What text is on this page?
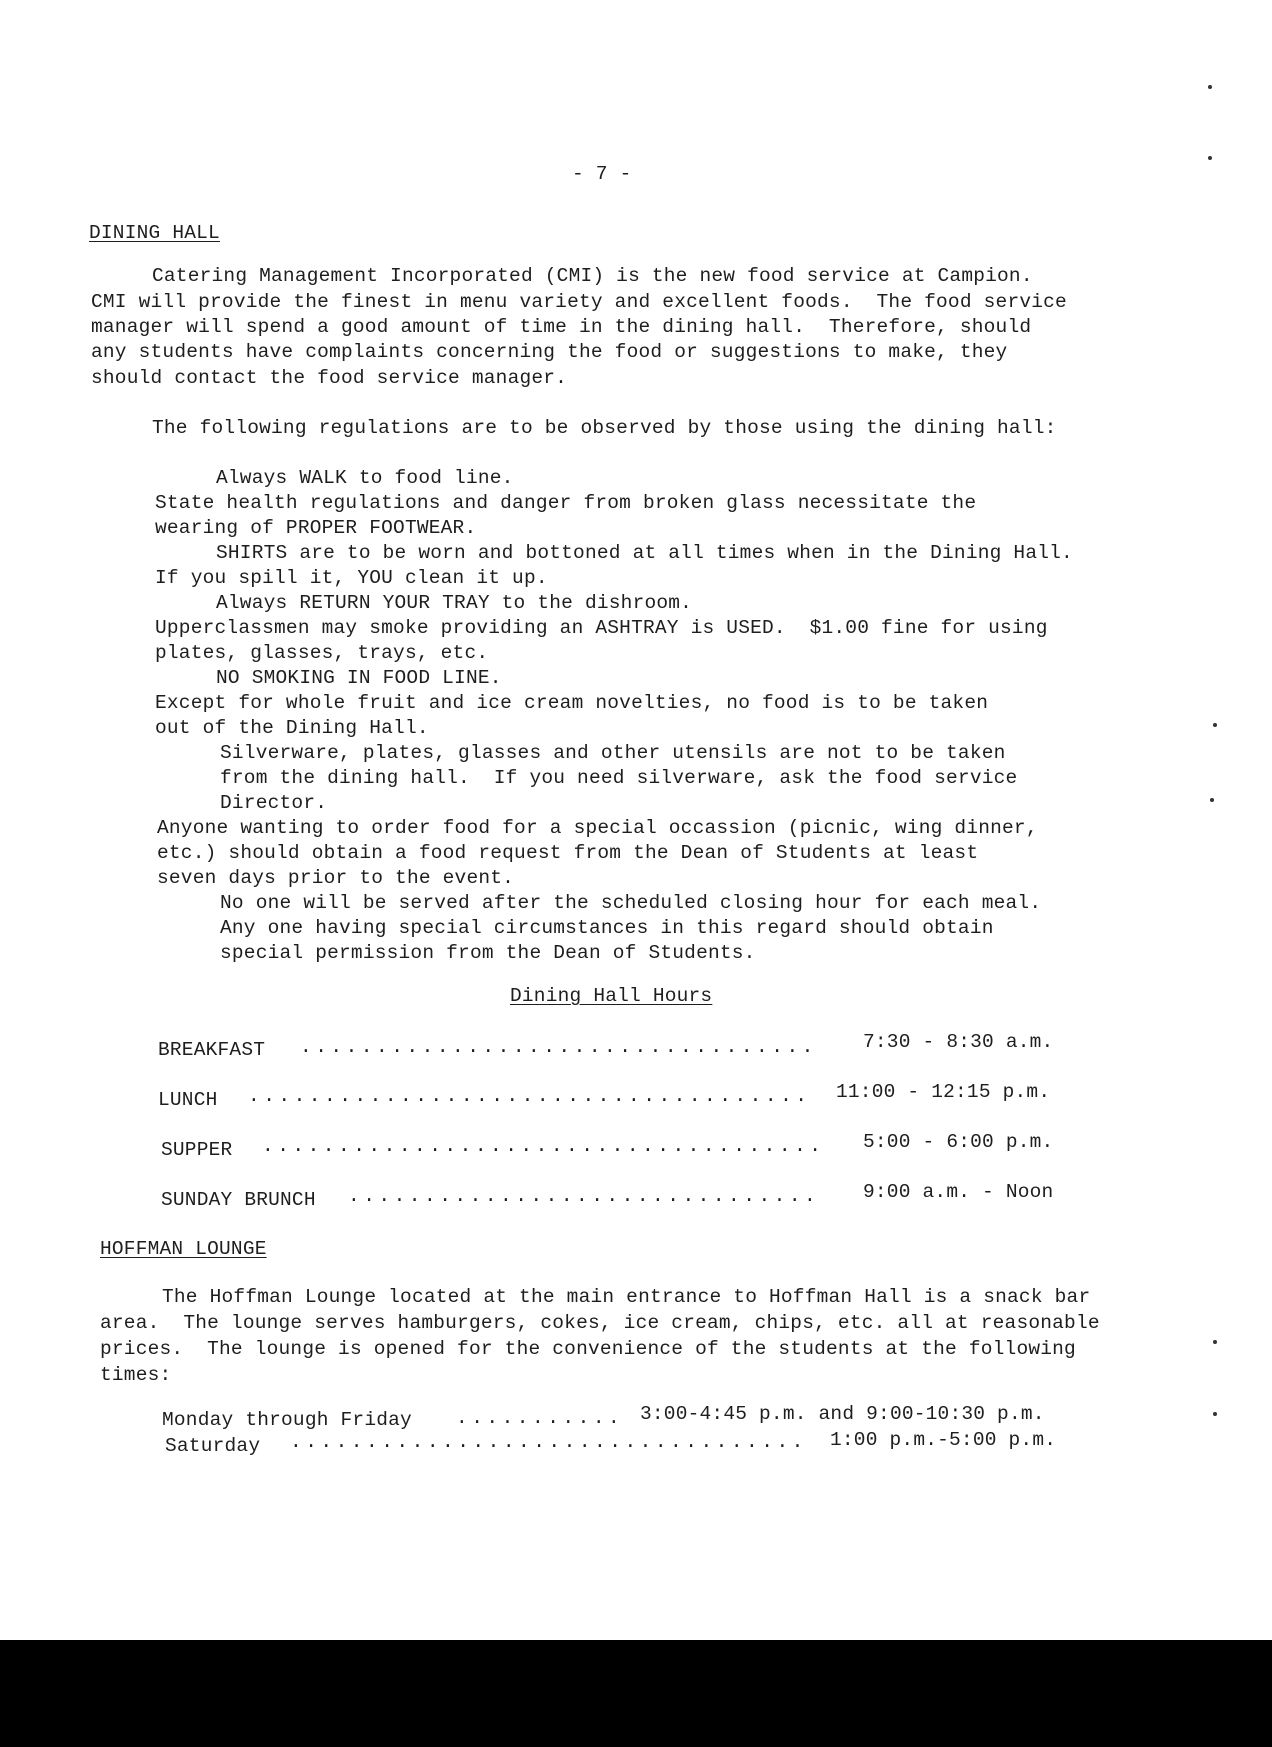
- 7 -
DINING HALL
Catering Management Incorporated (CMI) is the new food service at Campion.
CMI will provide the finest in menu variety and excellent foods.  The food service
manager will spend a good amount of time in the dining hall.  Therefore, should
any students have complaints concerning the food or suggestions to make, they
should contact the food service manager.
The following regulations are to be observed by those using the dining hall:
Always WALK to food line.
State health regulations and danger from broken glass necessitate the
wearing of PROPER FOOTWEAR.
SHIRTS are to be worn and bottoned at all times when in the Dining Hall.
If you spill it, YOU clean it up.
Always RETURN YOUR TRAY to the dishroom.
Upperclassmen may smoke providing an ASHTRAY is USED.  $1.00 fine for using
plates, glasses, trays, etc.
NO SMOKING IN FOOD LINE.
Except for whole fruit and ice cream novelties, no food is to be taken
out of the Dining Hall.
Silverware, plates, glasses and other utensils are not to be taken
from the dining hall.  If you need silverware, ask the food service
Director.
Anyone wanting to order food for a special occassion (picnic, wing dinner,
etc.) should obtain a food request from the Dean of Students at least
seven days prior to the event.
No one will be served after the scheduled closing hour for each meal.
Any one having special circumstances in this regard should obtain
special permission from the Dean of Students.
Dining Hall Hours
BREAKFAST .....	7:30 - 8:30 a.m.
LUNCH .....	11:00 - 12:15 p.m.
SUPPER .....	5:00 - 6:00 p.m.
SUNDAY BRUNCH .....	9:00 a.m. - Noon
HOFFMAN LOUNGE
The Hoffman Lounge located at the main entrance to Hoffman Hall is a snack bar
area.  The lounge serves hamburgers, cokes, ice cream, chips, etc. all at reasonable
prices.  The lounge is opened for the convenience of the students at the following
times:
Monday through Friday .....	3:00-4:45 p.m. and 9:00-10:30 p.m.
Saturday .....	1:00 p.m.-5:00 p.m.
